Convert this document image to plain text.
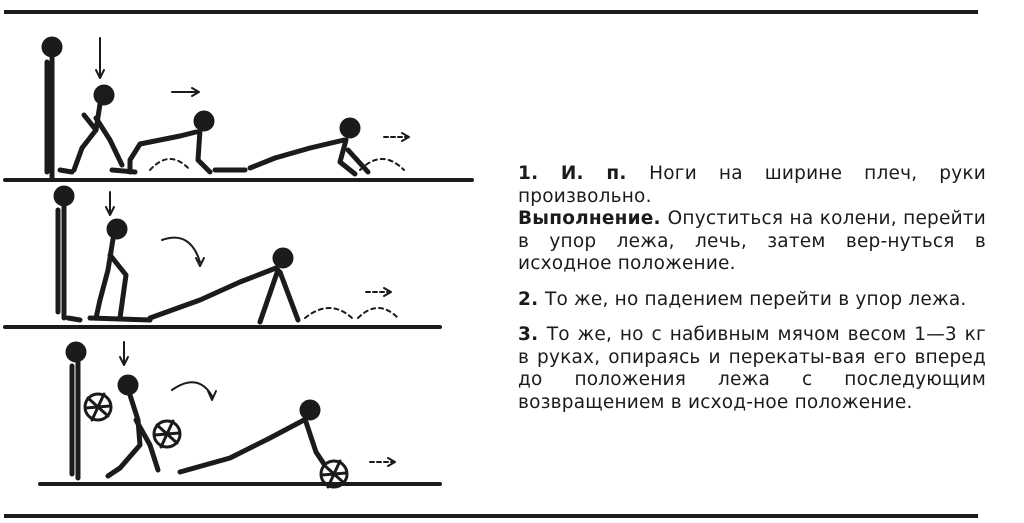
1. И. п. Ноги на ширине плеч, руки произвольно.
Выполнение. Опуститься на колени, перейти в упор лежа, лечь, затем вер-нуться в исходное положение.

2. То же, но падением перейти в упор лежа.

3. То же, но с набивным мячом весом 1—3 кг в руках, опираясь и перекаты-вая его вперед до положения лежа с последующим возвращением в исход-ное положение.
